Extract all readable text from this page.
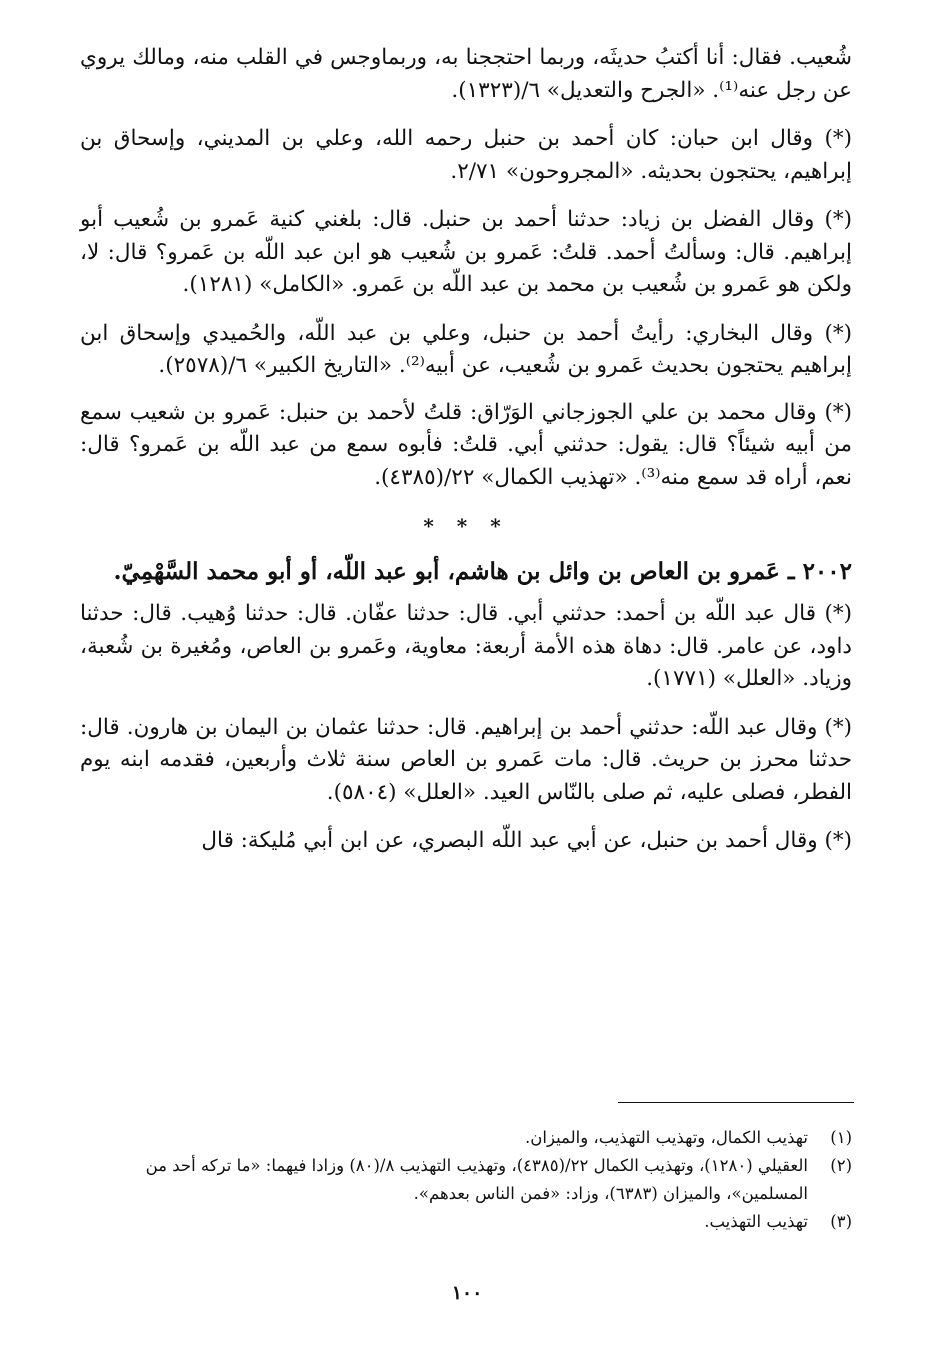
شُعيب. فقال: أنا أكتبُ حديثَه، وربما احتججنا به، وربماوجس في القلب منه، ومالك يروي عن رجل عنه⁽¹⁾. «الجرح والتعديل» ٦/(١٣٢٣).

(*) وقال ابن حبان: كان أحمد بن حنبل رحمه الله، وعلي بن المديني، وإسحاق بن إبراهيم، يحتجون بحديثه. «المجروحون» ٢/٧١.

(*) وقال الفضل بن زياد: حدثنا أحمد بن حنبل. قال: بلغني كنية عَمرو بن شُعيب أبو إبراهيم. قال: وسألتُ أحمد. قلتُ: عَمرو بن شُعيب هو ابن عبد اللّه بن عَمرو؟ قال: لا، ولكن هو عَمرو بن شُعيب بن محمد بن عبد اللّه بن عَمرو. «الكامل» (١٢٨١).

(*) وقال البخاري: رأيتُ أحمد بن حنبل، وعلي بن عبد اللّه، والحُميدي وإسحاق ابن إبراهيم يحتجون بحديث عَمرو بن شُعيب، عن أبيه⁽²⁾. «التاريخ الكبير» ٦/(٢٥٧٨).

(*) وقال محمد بن علي الجوزجاني الوَرّاق: قلتُ لأحمد بن حنبل: عَمرو بن شعيب سمع من أبيه شيئاً؟ قال: يقول: حدثني أبي. قلتُ: فأبوه سمع من عبد اللّه بن عَمرو؟ قال: نعم، أراه قد سمع منه⁽³⁾. «تهذيب الكمال» ٢٢/(٤٣٨٥).

* * *
٢٠٠٢ ـ عَمرو بن العاص بن وائل بن هاشم، أبو عبد اللّه، أو أبو محمد السَّهْمِيّ.

(*) قال عبد اللّه بن أحمد: حدثني أبي. قال: حدثنا عفّان. قال: حدثنا وُهيب. قال: حدثنا داود، عن عامر. قال: دهاة هذه الأمة أربعة: معاوية، وعَمرو بن العاص، ومُغيرة بن شُعبة، وزياد. «العلل» (١٧٧١).

(*) وقال عبد اللّه: حدثني أحمد بن إبراهيم. قال: حدثنا عثمان بن اليمان بن هارون. قال: حدثنا محرز بن حريث. قال: مات عَمرو بن العاص سنة ثلاث وأربعين، فقدمه ابنه يوم الفطر، فصلى عليه، ثم صلى بالنّاس العيد. «العلل» (٥٨٠٤).

(*) وقال أحمد بن حنبل، عن أبي عبد اللّه البصري، عن ابن أبي مُليكة: قال

(١)
تهذيب الكمال، وتهذيب التهذيب، والميزان.
(٢)
العقيلي (١٢٨٠)، وتهذيب الكمال ٢٢/(٤٣٨٥)، وتهذيب التهذيب ٨/(٨٠) وزادا فيهما: «ما تركه أحد من المسلمين»، والميزان (٦٣٨٣)، وزاد: «فمن الناس بعدهم».
(٣)
تهذيب التهذيب.
١٠٠
